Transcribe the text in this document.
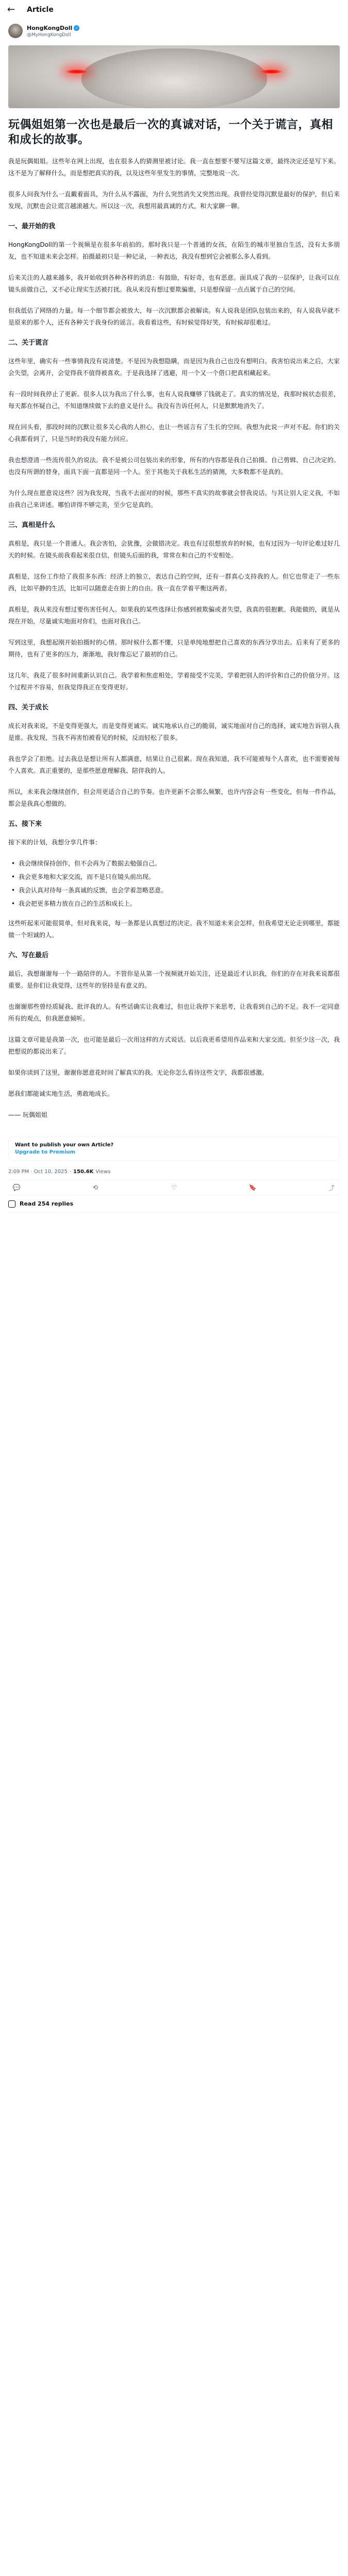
← Article
HongKongDoll ✓
@MyHongKongDoll
玩偶姐姐第一次也是最后一次的真诚对话，一个关于谎言，真相和成长的故事。

我是玩偶姐姐。这些年在网上出现，也在很多人的猜测里被讨论。我一直在想要不要写这篇文章，最终决定还是写下来。这不是为了解释什么，而是想把真实的我，以及这些年里发生的事情，完整地说一次。

很多人问我为什么一直戴着面具，为什么从不露面，为什么突然消失又突然出现。我曾经觉得沉默是最好的保护，但后来发现，沉默也会让谎言越滚越大。所以这一次，我想用最真诚的方式，和大家聊一聊。

一、最开始的我

HongKongDoll的第一个视频是在很多年前拍的。那时我只是一个普通的女孩，在陌生的城市里独自生活，没有太多朋友，也不知道未来会怎样。拍摄最初只是一种记录，一种表达，我没有想到它会被那么多人看到。

后来关注的人越来越多，我开始收到各种各样的消息：有鼓励，有好奇，也有恶意。面具成了我的一层保护，让我可以在镜头前做自己，又不必让现实生活被打扰。我从来没有想过要欺骗谁，只是想保留一点点属于自己的空间。

但我低估了网络的力量。每一个细节都会被放大，每一次沉默都会被解读。有人说我是团队包装出来的，有人说我早就不是原来的那个人，还有各种关于我身份的谣言。我看着这些，有时候觉得好笑，有时候却很难过。

二、关于谎言

这些年里，确实有一些事情我没有说清楚。不是因为我想隐瞒，而是因为我自己也没有想明白。我害怕说出来之后，大家会失望，会离开，会觉得我不值得被喜欢。于是我选择了逃避，用一个又一个借口把真相藏起来。

有一段时间我停止了更新。很多人以为我出了什么事，也有人说我赚够了钱就走了。真实的情况是，我那时候状态很差，每天都在怀疑自己，不知道继续做下去的意义是什么。我没有告诉任何人，只是默默地消失了。

现在回头看，那段时间的沉默让很多关心我的人担心，也让一些谣言有了生长的空间。我想为此说一声对不起。你们的关心我都看到了，只是当时的我没有能力回应。

我也想澄清一些流传很久的说法。我不是被公司包装出来的形象，所有的内容都是我自己拍摄、自己剪辑、自己决定的。也没有所谓的替身，面具下面一直都是同一个人。至于其他关于我私生活的猜测，大多数都不是真的。

为什么现在愿意说这些？因为我发现，当我不去面对的时候，那些不真实的故事就会替我说话。与其让别人定义我，不如由我自己来讲述。哪怕讲得不够完美，至少它是真的。

三、真相是什么

真相是，我只是一个普通人。我会害怕，会犹豫，会做错决定。我也有过很想放弃的时候，也有过因为一句评论难过好几天的时候。在镜头前我看起来很自信，但镜头后面的我，常常在和自己的不安相处。

真相是，这份工作给了我很多东西：经济上的独立，表达自己的空间，还有一群真心支持我的人。但它也带走了一些东西，比如平静的生活，比如可以随意走在街上的自由。我一直在学着平衡这两者。

真相是，我从来没有想过要伤害任何人。如果我的某些选择让你感到被欺骗或者失望，我真的很抱歉。我能做的，就是从现在开始，尽量诚实地面对你们，也面对我自己。

写到这里，我想起刚开始拍摄时的心情。那时候什么都不懂，只是单纯地想把自己喜欢的东西分享出去。后来有了更多的期待，也有了更多的压力，渐渐地，我好像忘记了最初的自己。

这几年，我花了很多时间重新认识自己。我学着和焦虑相处，学着接受不完美，学着把别人的评价和自己的价值分开。这个过程并不容易，但我觉得我正在变得更好。

四、关于成长

成长对我来说，不是变得更强大，而是变得更诚实。诚实地承认自己的脆弱，诚实地面对自己的选择，诚实地告诉别人我是谁。我发现，当我不再害怕被看见的时候，反而轻松了很多。

我也学会了拒绝。过去我总是想让所有人都满意，结果让自己很累。现在我知道，我不可能被每个人喜欢，也不需要被每个人喜欢。真正重要的，是那些愿意理解我、陪伴我的人。

所以，未来我会继续创作，但会用更适合自己的节奏。也许更新不会那么频繁，也许内容会有一些变化，但每一件作品，都会是我真心想做的。

五、接下来

接下来的计划，我想分享几件事：

• 我会继续保持创作，但不会再为了数据去勉强自己。
• 我会更多地和大家交流，而不是只在镜头前出现。
• 我会认真对待每一条真诚的反馈，也会学着忽略恶意。
• 我会把更多精力放在自己的生活和成长上。

这些听起来可能很简单，但对我来说，每一条都是认真想过的决定。我不知道未来会怎样，但我希望无论走到哪里，都能做一个坦诚的人。

六、写在最后

最后，我想谢谢每一个一路陪伴的人。不管你是从第一个视频就开始关注，还是最近才认识我，你们的存在对我来说都很重要。是你们让我觉得，这些年的坚持是有意义的。

也谢谢那些曾经质疑我、批评我的人。有些话确实让我难过，但也让我停下来思考，让我看到自己的不足。我不一定同意所有的观点，但我愿意倾听。

这篇文章可能是我第一次，也可能是最后一次用这样的方式说话。以后我更希望用作品来和大家交流。但至少这一次，我把想说的都说出来了。

如果你读到了这里，谢谢你愿意花时间了解真实的我。无论你怎么看待这些文字，我都很感激。

愿我们都能诚实地生活，勇敢地成长。

—— 玩偶姐姐

Want to publish your own Article?
Upgrade to Premium
2:09 PM · Oct 10, 2025 · 150.6K Views
💬	⟲	♡	🔖	⤴
Read 254 replies
